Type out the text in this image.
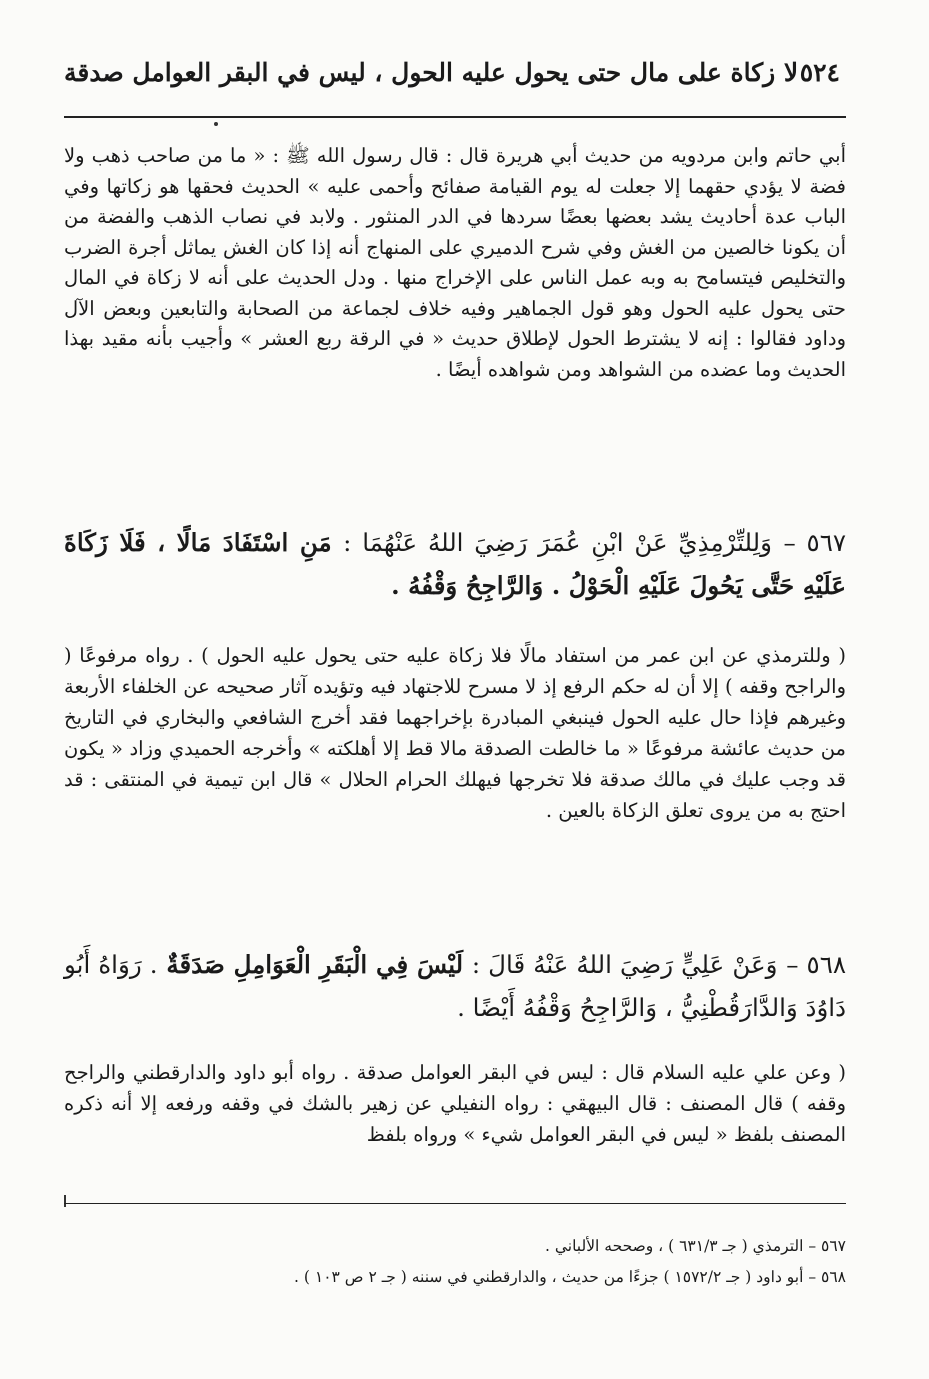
٥٢٤
لا زكاة على مال حتى يحول عليه الحول ، ليس في البقر العوامل صدقة

أبي حاتم وابن مردويه من حديث أبي هريرة قال : قال رسول الله ﷺ : « ما من صاحب ذهب ولا فضة لا يؤدي حقهما إلا جعلت له يوم القيامة صفائح وأحمى عليه » الحديث فحقها هو زكاتها وفي الباب عدة أحاديث يشد بعضها بعضًا سردها في الدر المنثور . ولابد في نصاب الذهب والفضة من أن يكونا خالصين من الغش وفي شرح الدميري على المنهاج أنه إذا كان الغش يماثل أجرة الضرب والتخليص فيتسامح به وبه عمل الناس على الإخراج منها . ودل الحديث على أنه لا زكاة في المال حتى يحول عليه الحول وهو قول الجماهير وفيه خلاف لجماعة من الصحابة والتابعين وبعض الآل وداود فقالوا : إنه لا يشترط الحول لإطلاق حديث « في الرقة ربع العشر » وأجيب بأنه مقيد بهذا الحديث وما عضده من الشواهد ومن شواهده أيضًا .

٥٦٧ – وَلِلتِّرْمِذِيِّ عَنْ ابْنِ عُمَرَ رَضِيَ اللهُ عَنْهُمَا : مَنِ اسْتَفَادَ مَالًا ، فَلَا زَكَاةَ عَلَيْهِ حَتَّى يَحُولَ عَلَيْهِ الْحَوْلُ . وَالرَّاجِحُ وَقْفُهُ .

( وللترمذي عن ابن عمر من استفاد مالًا فلا زكاة عليه حتى يحول عليه الحول ) . رواه مرفوعًا ( والراجح وقفه ) إلا أن له حكم الرفع إذ لا مسرح للاجتهاد فيه وتؤيده آثار صحيحه عن الخلفاء الأربعة وغيرهم فإذا حال عليه الحول فينبغي المبادرة بإخراجهما فقد أخرج الشافعي والبخاري في التاريخ من حديث عائشة مرفوعًا « ما خالطت الصدقة مالا قط إلا أهلكته » وأخرجه الحميدي وزاد « يكون قد وجب عليك في مالك صدقة فلا تخرجها فيهلك الحرام الحلال » قال ابن تيمية في المنتقى : قد احتج به من يروى تعلق الزكاة بالعين .

٥٦٨ – وَعَنْ عَلِيٍّ رَضِيَ اللهُ عَنْهُ قَالَ : لَيْسَ فِي الْبَقَرِ الْعَوَامِلِ صَدَقَةٌ . رَوَاهُ أَبُو دَاوُدَ وَالدَّارَقُطْنِيُّ ، وَالرَّاجِحُ وَقْفُهُ أَيْضًا .

( وعن علي عليه السلام قال : ليس في البقر العوامل صدقة . رواه أبو داود والدارقطني والراجح وقفه ) قال المصنف : قال البيهقي : رواه النفيلي عن زهير بالشك في وقفه ورفعه إلا أنه ذكره المصنف بلفظ « ليس في البقر العوامل شيء » ورواه بلفظ

٥٦٧ – الترمذي ( جـ ٦٣١/٣ ) ، وصححه الألباني .

٥٦٨ – أبو داود ( جـ ١٥٧٢/٢ ) جزءًا من حديث ، والدارقطني في سننه ( جـ ٢ ص ١٠٣ ) .
